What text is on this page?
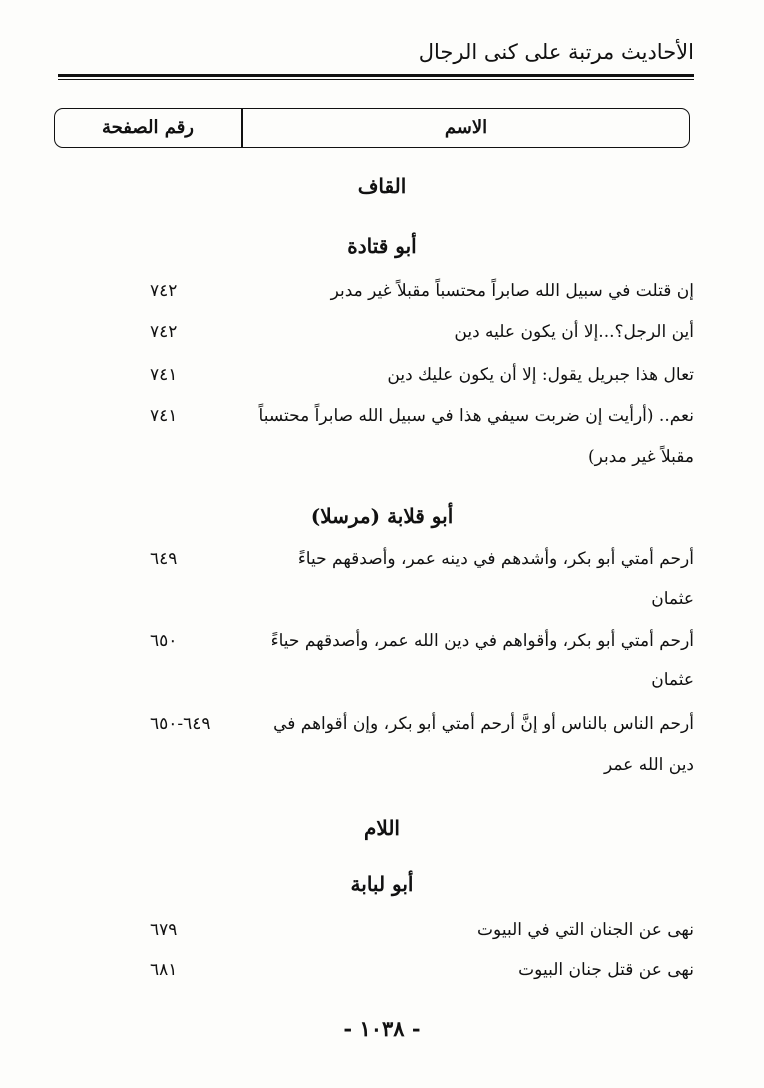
الأحاديث مرتبة على كنى الرجال
الاسم
رقم الصفحة
القاف
أبو قتادة
إن قتلت في سبيل الله صابراً محتسباً مقبلاً غير مدبر
٧٤٢
أين الرجل؟...إلا أن يكون عليه دين
٧٤٢
تعال هذا جبريل يقول: إلا أن يكون عليك دين
٧٤١
نعم.. (أرأيت إن ضربت سيفي هذا في سبيل الله صابراً محتسباً
٧٤١
مقبلاً غير مدبر)
أبو قلابة (مرسلا)
أرحم أمتي أبو بكر، وأشدهم في دينه عمر، وأصدقهم حياءً
٦٤٩
عثمان
أرحم أمتي أبو بكر، وأقواهم في دين الله عمر، وأصدقهم حياءً
٦٥٠
عثمان
أرحم الناس بالناس أو إنَّ أرحم أمتي أبو بكر، وإن أقواهم في
٦٤٩-٦٥٠
دين الله عمر
اللام
أبو لبابة
نهى عن الجنان التي في البيوت
٦٧٩
نهى عن قتل جنان البيوت
٦٨١
- ١٠٣٨ -
